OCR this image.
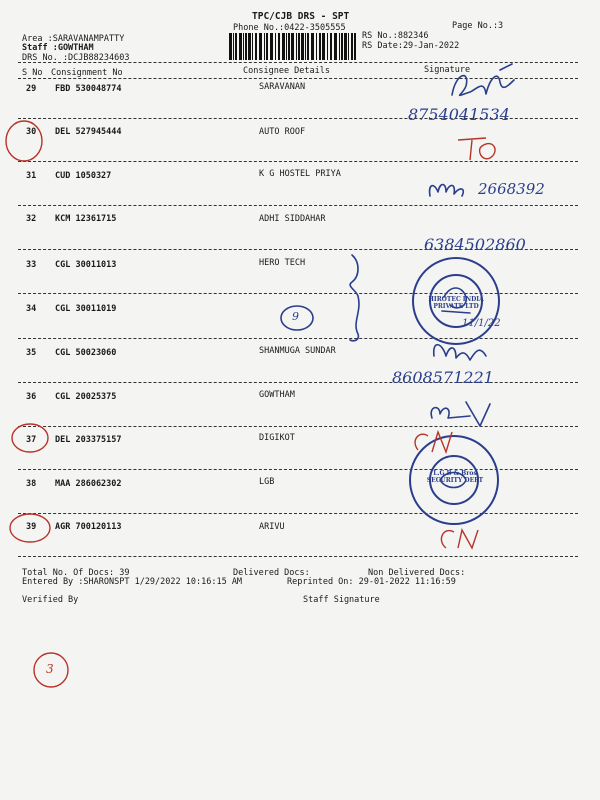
TPC/CJB DRS - SPT
Phone No.:0422-3505555	Page No.:3
RS No.:882346
RS Date:29-Jan-2022
Area :SARAVANAMPATTY
Staff :GOWTHAM
DRS No. :DCJB88234603
S No Consignment No	Consignee Details	Signature
29 FBD 530048774	SARAVANAN
30 DEL 527945444	AUTO ROOF
31 CUD 1050327	K G HOSTEL PRIYA
32 KCM 12361715	ADHI SIDDAHAR
33 CGL 30011013	HERO TECH
34 CGL 30011019
35 CGL 50023060	SHANMUGA SUNDAR
36 CGL 20025375	GOWTHAM
37 DEL 203375157	DIGIKOT
38 MAA 286062302	LGB
39 AGR 700120113	ARIVU
Total No. Of Docs: 39	Delivered Docs:	Non Delivered Docs:
Entered By :SHARONSPT 1/29/2022 10:16:15 AM	Reprinted On: 29-01-2022 11:16:59
Verified By	Staff Signature
8754041534
2668392
6384502860
9
11/1/22
8608571221
3
HIROTEC INDIA PRIVATE LTD
L.G.B & Bros SECURITY DEPT
